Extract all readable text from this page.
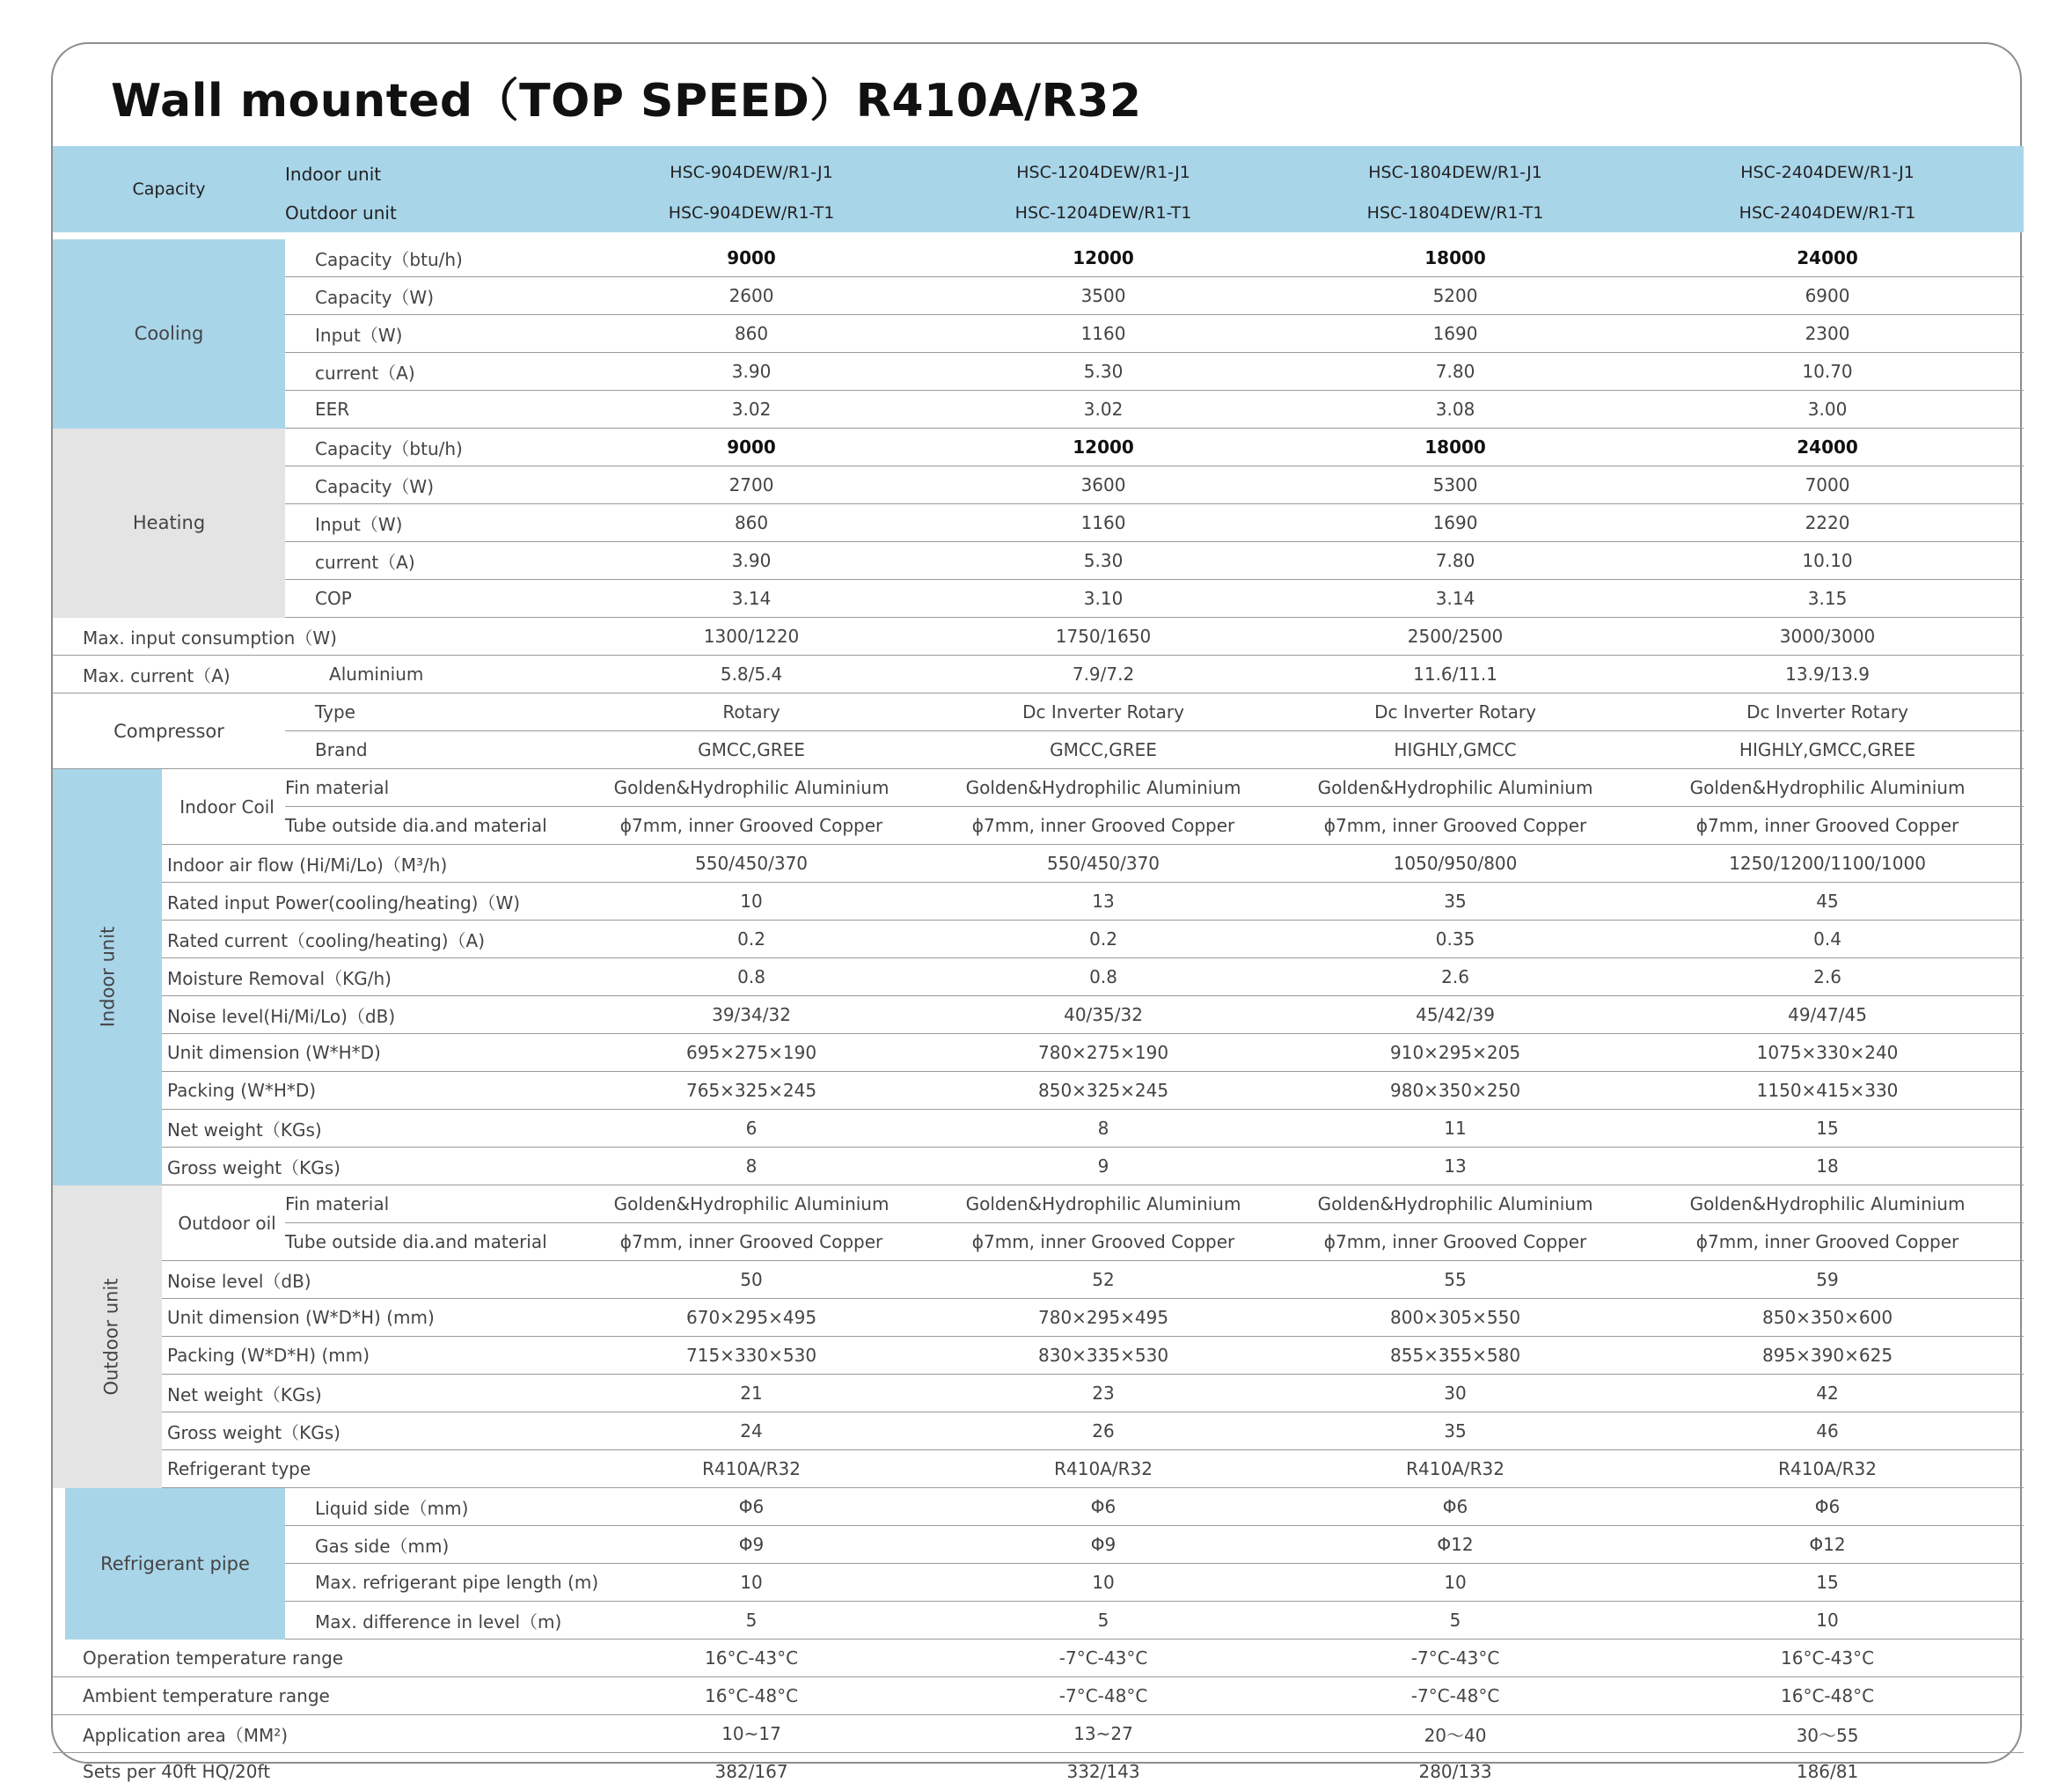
Wall mounted（TOP SPEED）R410A/R32
Capacity		Indoor unit	HSC-904DEW/R1-J1	HSC-1204DEW/R1-J1	HSC-1804DEW/R1-J1	HSC-2404DEW/R1-J1
		Outdoor unit	HSC-904DEW/R1-T1	HSC-1204DEW/R1-T1	HSC-1804DEW/R1-T1	HSC-2404DEW/R1-T1

Cooling		Capacity（btu/h)	9000	12000	18000	24000
		Capacity（W)	2600	3500	5200	6900
		Input（W)	860	1160	1690	2300
		current（A)	3.90	5.30	7.80	10.70
		EER	3.02	3.02	3.08	3.00
Heating		Capacity（btu/h)	9000	12000	18000	24000
		Capacity（W)	2700	3600	5300	7000
		Input（W)	860	1160	1690	2220
		current（A)	3.90	5.30	7.80	10.10
		COP	3.14	3.10	3.14	3.15
Max. input consumption（W)			1300/1220	1750/1650	2500/2500	3000/3000
Max. current（A)		Aluminium	5.8/5.4	7.9/7.2	11.6/11.1	13.9/13.9
Compressor		Type	Rotary	Dc Inverter Rotary	Dc Inverter Rotary	Dc Inverter Rotary
		Brand	GMCC,GREE	GMCC,GREE	HIGHLY,GMCC	HIGHLY,GMCC,GREE
Indoor unit	Indoor Coil	Fin material	Golden&Hydrophilic Aluminium	Golden&Hydrophilic Aluminium	Golden&Hydrophilic Aluminium	Golden&Hydrophilic Aluminium
		Tube outside dia.and material	ϕ7mm, inner Grooved Copper	ϕ7mm, inner Grooved Copper	ϕ7mm, inner Grooved Copper	ϕ7mm, inner Grooved Copper
	Indoor air flow (Hi/Mi/Lo)（M³/h)		550/450/370	550/450/370	1050/950/800	1250/1200/1100/1000
	Rated input Power(cooling/heating)（W)		10	13	35	45
	Rated current（cooling/heating)（A)		0.2	0.2	0.35	0.4
	Moisture Removal（KG/h)		0.8	0.8	2.6	2.6
	Noise level(Hi/Mi/Lo)（dB)		39/34/32	40/35/32	45/42/39	49/47/45
	Unit dimension (W*H*D)		695×275×190	780×275×190	910×295×205	1075×330×240
	Packing (W*H*D)		765×325×245	850×325×245	980×350×250	1150×415×330
	Net weight（KGs)		6	8	11	15
	Gross weight（KGs)		8	9	13	18
Outdoor unit	Outdoor oil	Fin material	Golden&Hydrophilic Aluminium	Golden&Hydrophilic Aluminium	Golden&Hydrophilic Aluminium	Golden&Hydrophilic Aluminium
		Tube outside dia.and material	ϕ7mm, inner Grooved Copper	ϕ7mm, inner Grooved Copper	ϕ7mm, inner Grooved Copper	ϕ7mm, inner Grooved Copper
	Noise level（dB)		50	52	55	59
	Unit dimension (W*D*H) (mm)		670×295×495	780×295×495	800×305×550	850×350×600
	Packing (W*D*H) (mm)		715×330×530	830×335×530	855×355×580	895×390×625
	Net weight（KGs)		21	23	30	42
	Gross weight（KGs)		24	26	35	46
	Refrigerant type		R410A/R32	R410A/R32	R410A/R32	R410A/R32

Refrigerant pipe		Liquid side（mm)	Φ6	Φ6	Φ6	Φ6
		Gas side（mm)	Φ9	Φ9	Φ12	Φ12
		Max. refrigerant pipe length (m)	10	10	10	15
		Max. difference in level（m)	5	5	5	10
Operation temperature range			16°C-43°C	-7°C-43°C	-7°C-43°C	16°C-43°C
Ambient temperature range			16°C-48°C	-7°C-48°C	-7°C-48°C	16°C-48°C
Application area（MM²)			10~17	13~27	20～40	30～55
Sets per 40ft HQ/20ft			382/167	332/143	280/133	186/81
